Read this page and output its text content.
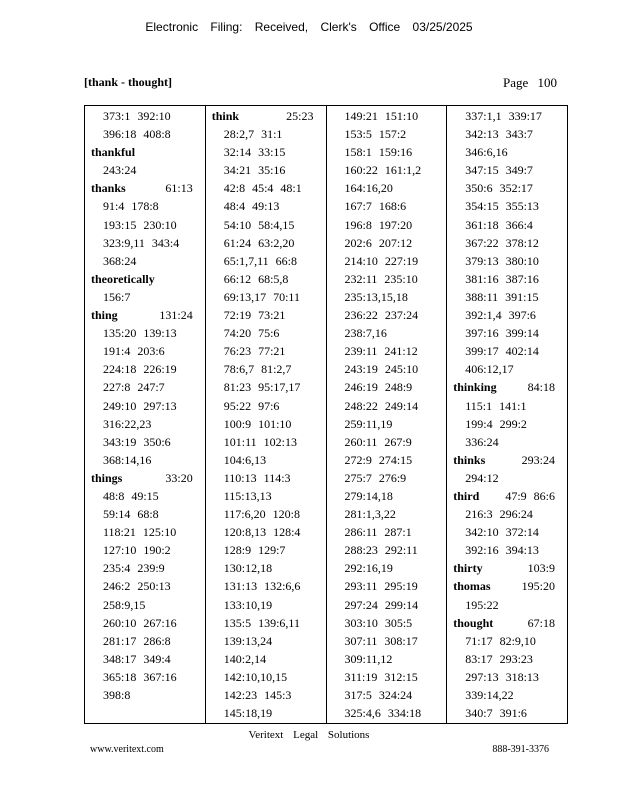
Electronic Filing: Received, Clerk's Office 03/25/2025
[thank - thought]	Page 100
373:1 392:10
396:18 408:8
thankful
243:24
thanks	61:13
91:4 178:8
193:15 230:10
323:9,11 343:4
368:24
theoretically
156:7
thing	131:24
135:20 139:13
191:4 203:6
224:18 226:19
227:8 247:7
249:10 297:13
316:22,23
343:19 350:6
368:14,16
things	33:20
48:8 49:15
59:14 68:8
118:21 125:10
127:10 190:2
235:4 239:9
246:2 250:13
258:9,15
260:10 267:16
281:17 286:8
348:17 349:4
365:18 367:16
398:8
think	25:23
28:2,7 31:1
32:14 33:15
34:21 35:16
42:8 45:4 48:1
48:4 49:13
54:10 58:4,15
61:24 63:2,20
65:1,7,11 66:8
66:12 68:5,8
69:13,17 70:11
72:19 73:21
74:20 75:6
76:23 77:21
78:6,7 81:2,7
81:23 95:17,17
95:22 97:6
100:9 101:10
101:11 102:13
104:6,13
110:13 114:3
115:13,13
117:6,20 120:8
120:8,13 128:4
128:9 129:7
130:12,18
131:13 132:6,6
133:10,19
135:5 139:6,11
139:13,24
140:2,14
142:10,10,15
142:23 145:3
145:18,19
149:21 151:10
153:5 157:2
158:1 159:16
160:22 161:1,2
164:16,20
167:7 168:6
196:8 197:20
202:6 207:12
214:10 227:19
232:11 235:10
235:13,15,18
236:22 237:24
238:7,16
239:11 241:12
243:19 245:10
246:19 248:9
248:22 249:14
259:11,19
260:11 267:9
272:9 274:15
275:7 276:9
279:14,18
281:1,3,22
286:11 287:1
288:23 292:11
292:16,19
293:11 295:19
297:24 299:14
303:10 305:5
307:11 308:17
309:11,12
311:19 312:15
317:5 324:24
325:4,6 334:18
337:1,1 339:17
342:13 343:7
346:6,16
347:15 349:7
350:6 352:17
354:15 355:13
361:18 366:4
367:22 378:12
379:13 380:10
381:16 387:16
388:11 391:15
392:1,4 397:6
397:16 399:14
399:17 402:14
406:12,17
thinking	84:18
115:1 141:1
199:4 299:2
336:24
thinks	293:24
294:12
third 47:9 86:6
216:3 296:24
342:10 372:14
392:16 394:13
thirty	103:9
thomas	195:20
195:22
thought	67:18
71:17 82:9,10
83:17 293:23
297:13 318:13
339:14,22
340:7 391:6
Veritext Legal Solutions
www.veritext.com	888-391-3376
